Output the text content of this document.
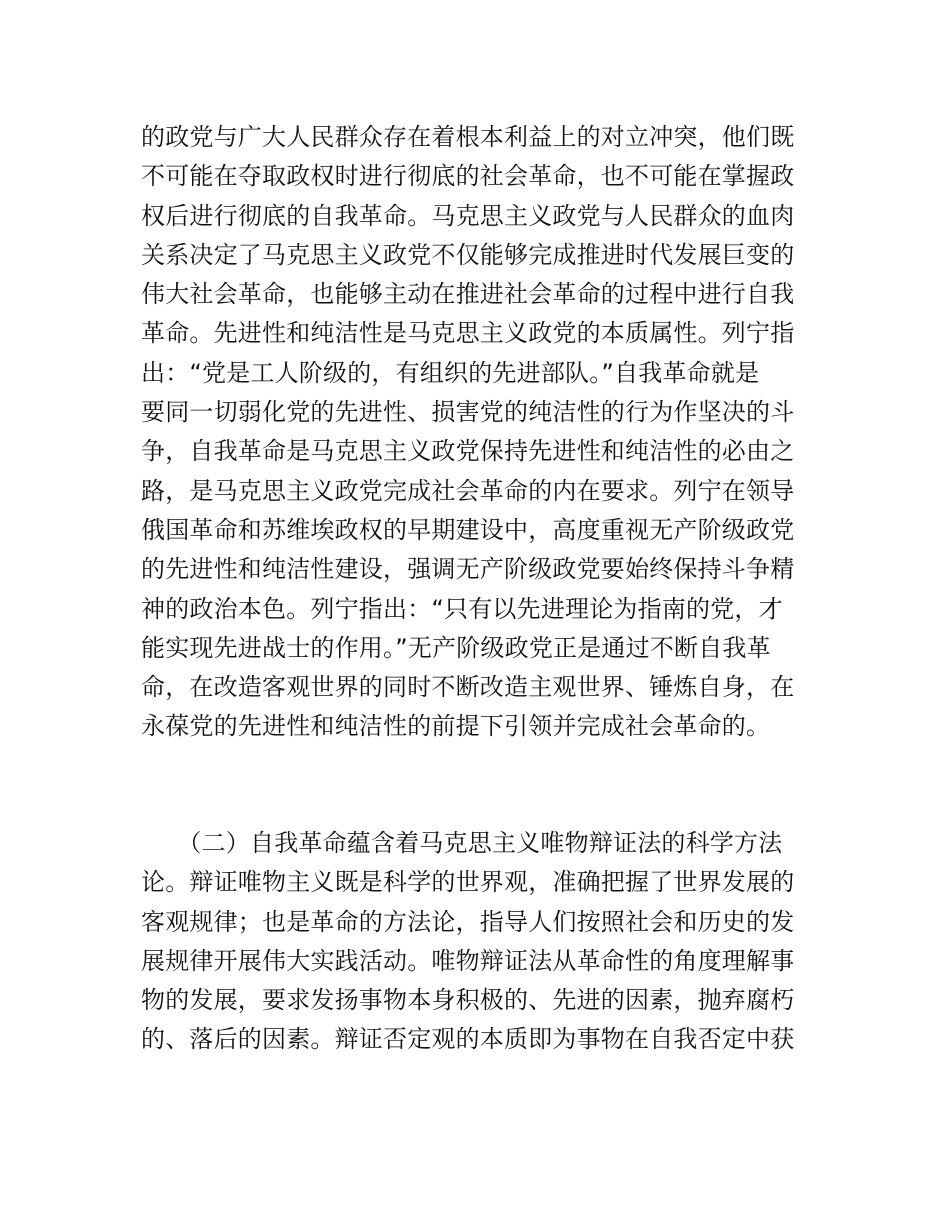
的政党与广大人民群众存在着根本利益上的对立冲突，他们既
不可能在夺取政权时进行彻底的社会革命，也不可能在掌握政
权后进行彻底的自我革命。马克思主义政党与人民群众的血肉
关系决定了马克思主义政党不仅能够完成推进时代发展巨变的
伟大社会革命，也能够主动在推进社会革命的过程中进行自我
革命。先进性和纯洁性是马克思主义政党的本质属性。列宁指
出：“党是工人阶级的，有组织的先进部队。”自我革命就是
要同一切弱化党的先进性、损害党的纯洁性的行为作坚决的斗
争，自我革命是马克思主义政党保持先进性和纯洁性的必由之
路，是马克思主义政党完成社会革命的内在要求。列宁在领导
俄国革命和苏维埃政权的早期建设中，高度重视无产阶级政党
的先进性和纯洁性建设，强调无产阶级政党要始终保持斗争精
神的政治本色。列宁指出：“只有以先进理论为指南的党，才
能实现先进战士的作用。”无产阶级政党正是通过不断自我革
命，在改造客观世界的同时不断改造主观世界、锤炼自身，在
永葆党的先进性和纯洁性的前提下引领并完成社会革命的。
　　（二）自我革命蕴含着马克思主义唯物辩证法的科学方法
论。辩证唯物主义既是科学的世界观，准确把握了世界发展的
客观规律；也是革命的方法论，指导人们按照社会和历史的发
展规律开展伟大实践活动。唯物辩证法从革命性的角度理解事
物的发展，要求发扬事物本身积极的、先进的因素，抛弃腐朽
的、落后的因素。辩证否定观的本质即为事物在自我否定中获
